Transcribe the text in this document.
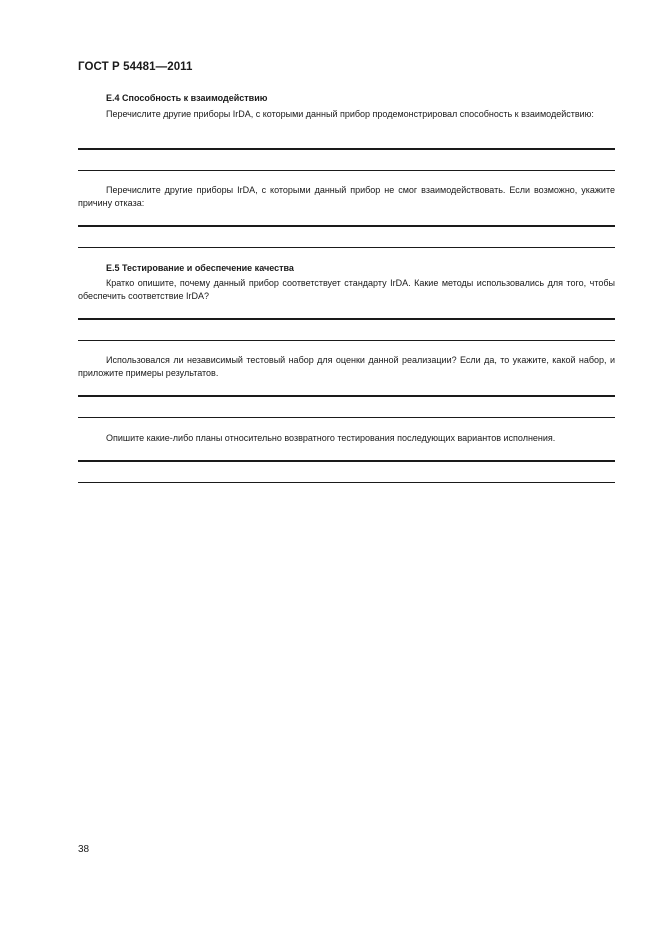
ГОСТ Р 54481—2011
Е.4 Способность к взаимодействию
Перечислите другие приборы IrDA, с которыми данный прибор продемонстрировал способность к взаимодействию:
Перечислите другие приборы IrDA, с которыми данный прибор не смог взаимодействовать. Если возможно, укажите причину отказа:
Е.5 Тестирование и обеспечение качества
Кратко опишите, почему данный прибор соответствует стандарту IrDA. Какие методы использовались для того, чтобы обеспечить соответствие IrDA?
Использовался ли независимый тестовый набор для оценки данной реализации? Если да, то укажите, какой набор, и приложите примеры результатов.
Опишите какие-либо планы относительно возвратного тестирования последующих вариантов исполнения.
38
